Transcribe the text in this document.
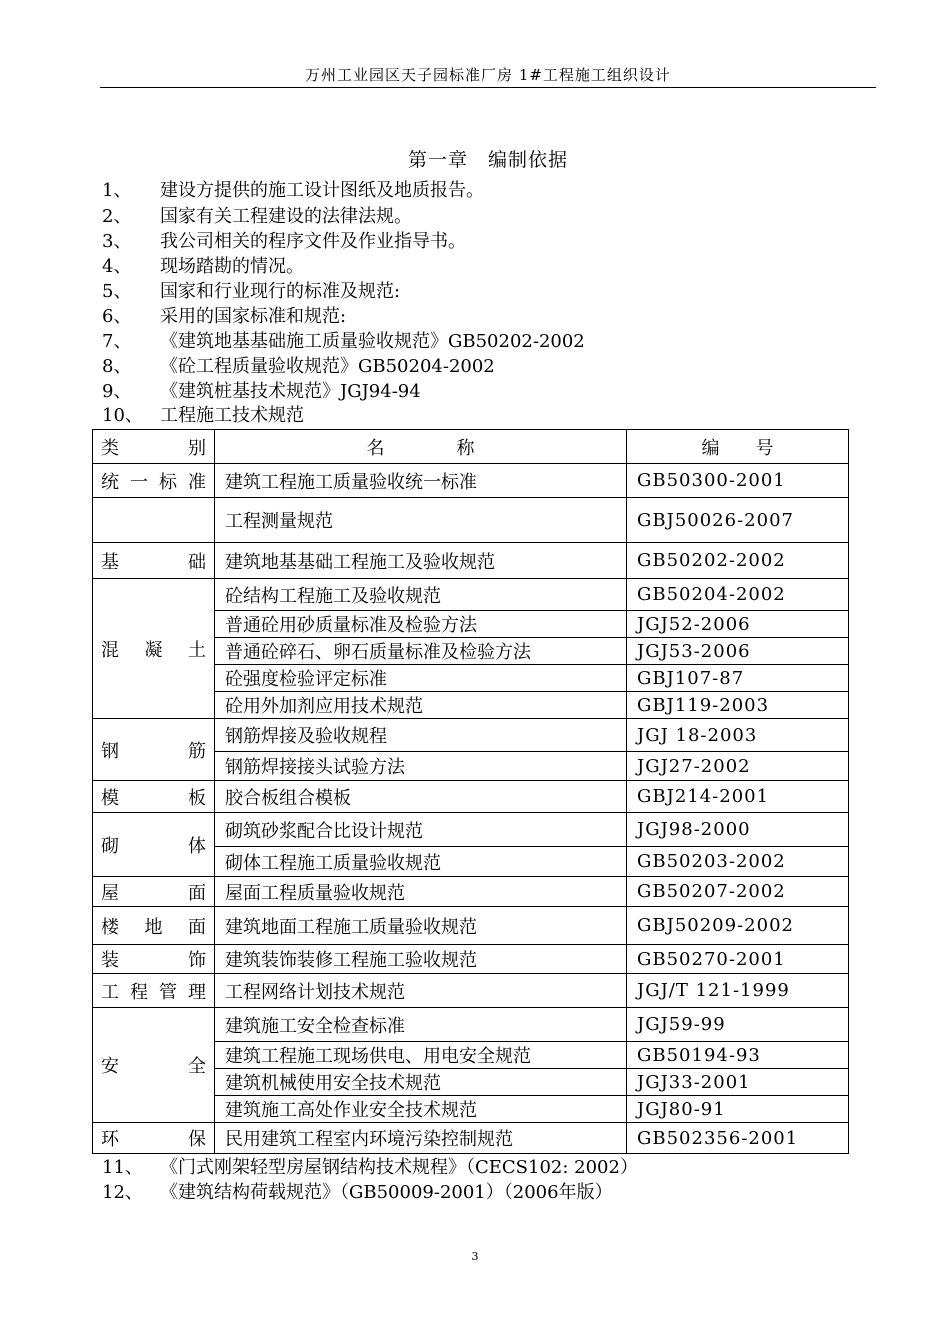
万州工业园区天子园标准厂房 1#工程施工组织设计
第一章　编制依据
1、 建设方提供的施工设计图纸及地质报告。
2、 国家有关工程建设的法律法规。
3、 我公司相关的程序文件及作业指导书。
4、 现场踏勘的情况。
5、 国家和行业现行的标准及规范:
6、 采用的国家标准和规范:
7、 《建筑地基基础施工质量验收规范》GB50202-2002
8、 《砼工程质量验收规范》GB50204-2002
9、 《建筑桩基技术规范》JGJ94-94
10、 工程施工技术规范
类 别	名　　　　称	编　　号

统 一 标 准	建筑工程施工质量验收统一标准	GB50300-2001

	工程测量规范	GBJ50026-2007

基 础	建筑地基基础工程施工及验收规范	GB50202-2002

混 凝 土	砼结构工程施工及验收规范	GB50204-2002
	普通砼用砂质量标准及检验方法	JGJ52-2006
	普通砼碎石、卵石质量标准及检验方法	JGJ53-2006
	砼强度检验评定标准	GBJ107-87
	砼用外加剂应用技术规范	GBJ119-2003

钢 筋	钢筋焊接及验收规程	JGJ 18-2003
	钢筋焊接接头试验方法	JGJ27-2002

模 板	胶合板组合模板	GBJ214-2001

砌 体	砌筑砂浆配合比设计规范	JGJ98-2000
	砌体工程施工质量验收规范	GB50203-2002

屋 面	屋面工程质量验收规范	GB50207-2002

楼 地 面	建筑地面工程施工质量验收规范	GBJ50209-2002

装 饰	建筑装饰装修工程施工验收规范	GB50270-2001

工 程 管 理	工程网络计划技术规范	JGJ/T 121-1999

安 全	建筑施工安全检查标准	JGJ59-99
	建筑工程施工现场供电、用电安全规范	GB50194-93
	建筑机械使用安全技术规范	JGJ33-2001
	建筑施工高处作业安全技术规范	JGJ80-91

环 保	民用建筑工程室内环境污染控制规范	GB502356-2001
11、 《门式刚架轻型房屋钢结构技术规程》（CECS102: 2002）
12、 《建筑结构荷载规范》（GB50009-2001）（2006年版）
3
